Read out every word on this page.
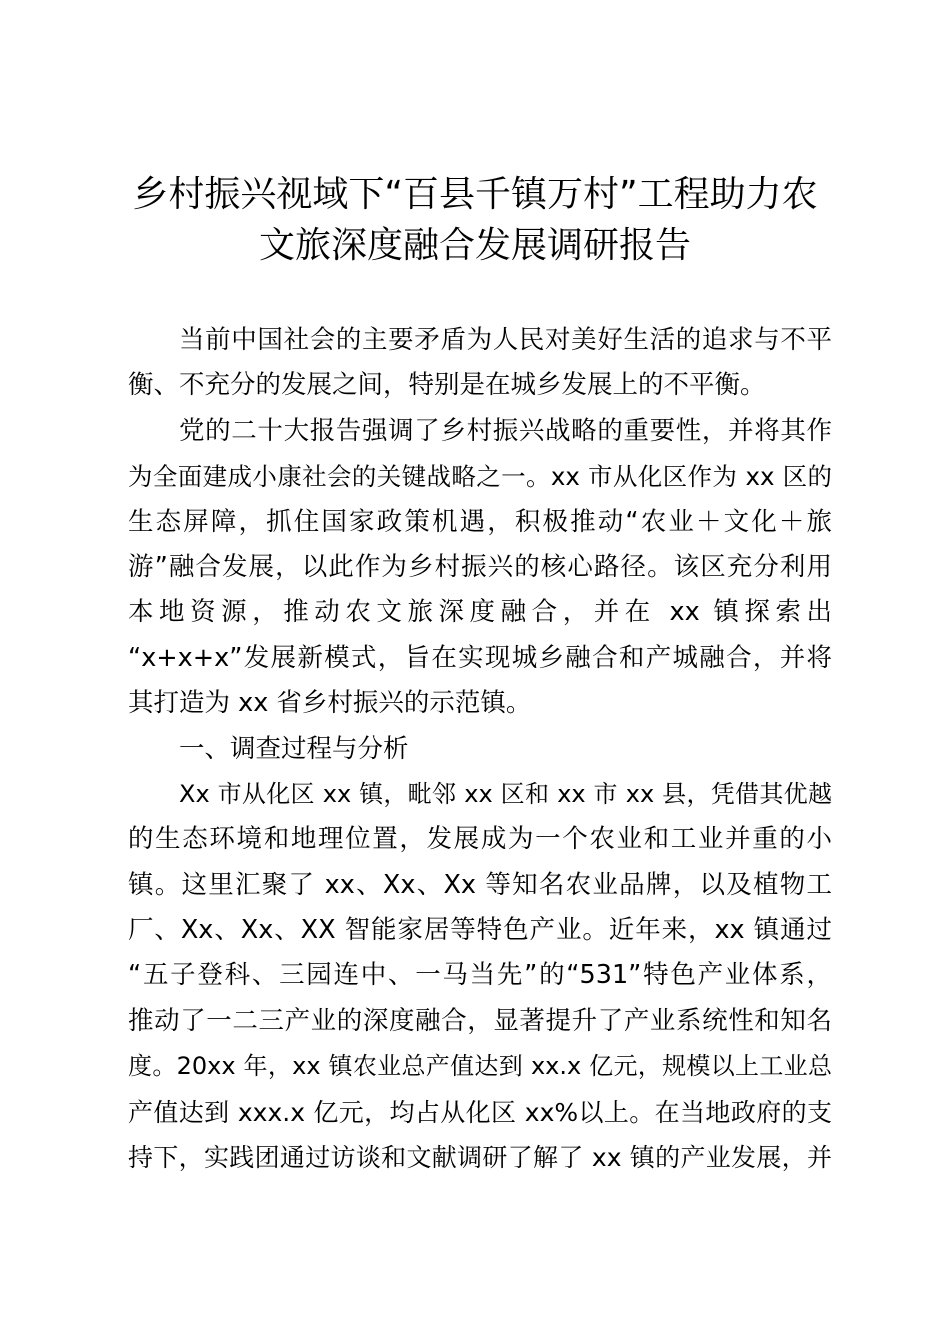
乡村振兴视域下“百县千镇万村”工程助力农
文旅深度融合发展调研报告
当前中国社会的主要矛盾为人民对美好生活的追求与不平
衡、不充分的发展之间，特别是在城乡发展上的不平衡。
党的二十大报告强调了乡村振兴战略的重要性，并将其作
为全面建成小康社会的关键战略之一。xx 市从化区作为 xx 区的
生态屏障，抓住国家政策机遇，积极推动“农业＋文化＋旅
游”融合发展，以此作为乡村振兴的核心路径。该区充分利用
本地资源，推动农文旅深度融合，并在 xx 镇探索出
“x+x+x”发展新模式，旨在实现城乡融合和产城融合，并将
其打造为 xx 省乡村振兴的示范镇。
一、调查过程与分析
Xx 市从化区 xx 镇，毗邻 xx 区和 xx 市 xx 县，凭借其优越
的生态环境和地理位置，发展成为一个农业和工业并重的小
镇。这里汇聚了 xx、Xx、Xx 等知名农业品牌，以及植物工
厂、Xx、Xx、XX 智能家居等特色产业。近年来，xx 镇通过
“五子登科、三园连中、一马当先”的“531”特色产业体系，
推动了一二三产业的深度融合，显著提升了产业系统性和知名
度。20xx 年，xx 镇农业总产值达到 xx.x 亿元，规模以上工业总
产值达到 xxx.x 亿元，均占从化区 xx%以上。在当地政府的支
持下，实践团通过访谈和文献调研了解了 xx 镇的产业发展，并
